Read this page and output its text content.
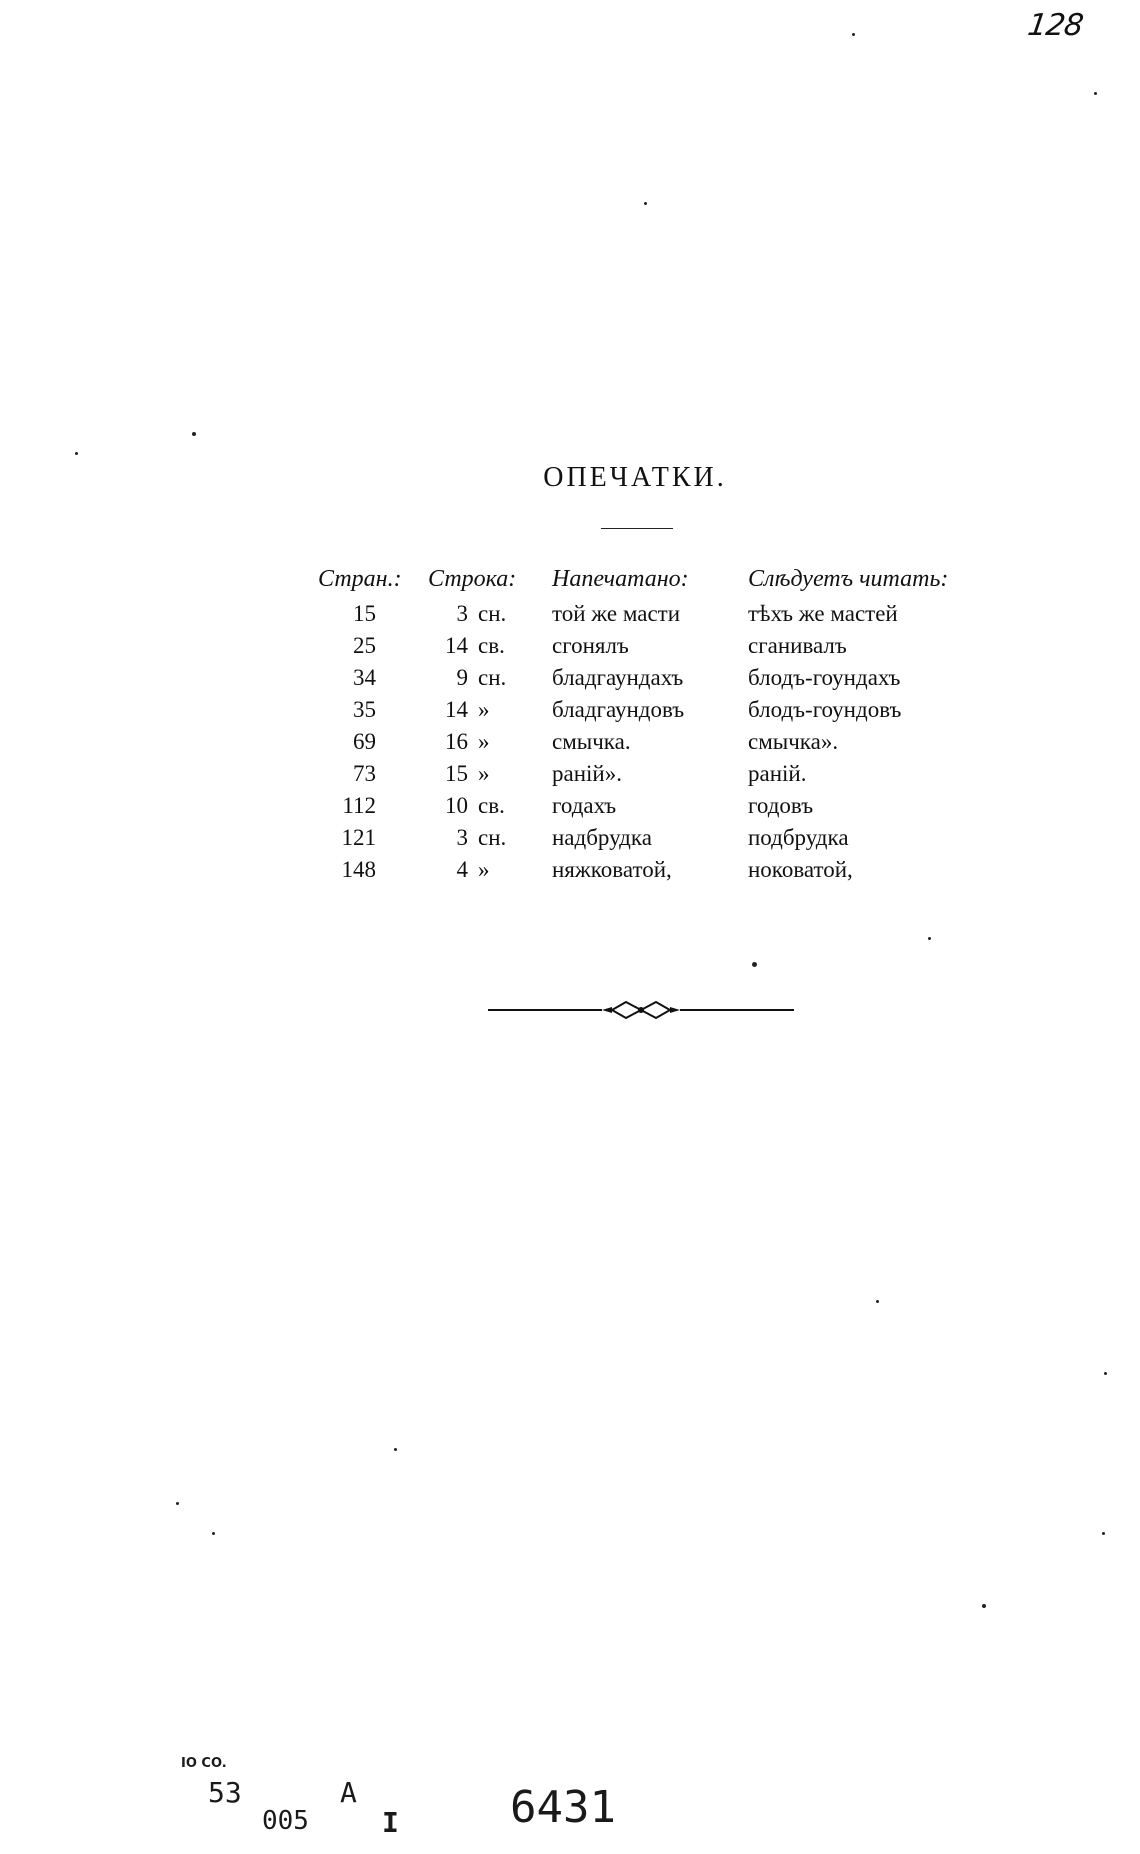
128
ОПЕЧАТКИ.
Стран.: Строка: Напечатано: Слѣдуетъ читать:
15	3 сн.	той же масти	тѣхъ же мастей
25	14 св.	сгонялъ	сганивалъ
34	9 сн.	бладгаундахъ	блодъ-гоундахъ
35	14 »	бладгаундовъ	блодъ-гоундовъ
69	16 »	смычка.	смычка».
73	15 »	раній».	раній.
112	10 св.	годахъ	годовъ
121	3 сн.	надбрудка	подбрудка
148	4 »	няжковатой,	ноковатой,
IO CO.
53
005
A
I	6431
